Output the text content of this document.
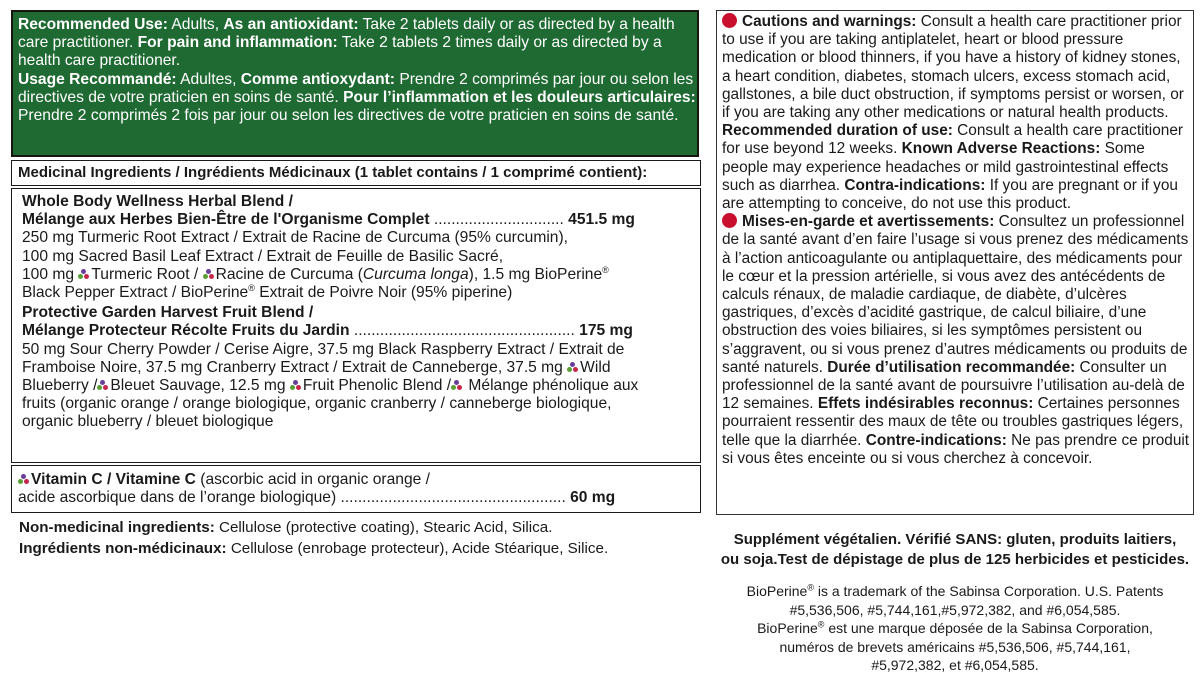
Recommended Use: Adults, As an antioxidant: Take 2 tablets daily or as directed by a health care practitioner. For pain and inflammation: Take 2 tablets 2 times daily or as directed by a health care practitioner.

Usage Recommandé: Adultes, Comme antioxydant: Prendre 2 comprimés par jour ou selon les directives de votre praticien en soins de santé. Pour l’inflammation et les douleurs articulaires: Prendre 2 comprimés 2 fois par jour ou selon les directives de votre praticien en soins de santé.

Medicinal Ingredients / Ingrédients Médicinaux (1 tablet contains / 1 comprimé contient):
Whole Body Wellness Herbal Blend /
Mélange aux Herbes Bien-Être de l'Organisme Complet .............................. 451.5 mg
250 mg Turmeric Root Extract / Extrait de Racine de Curcuma (95% curcumin),
100 mg Sacred Basil Leaf Extract / Extrait de Feuille de Basilic Sacré,
100 mg
Turmeric Root /
Racine de Curcuma (Curcuma longa), 1.5 mg BioPerine®
Black Pepper Extract / BioPerine® Extrait de Poivre Noir (95% piperine)
Protective Garden Harvest Fruit Blend /
Mélange Protecteur Récolte Fruits du Jardin ................................................... 175 mg
50 mg Sour Cherry Powder / Cerise Aigre, 37.5 mg Black Raspberry Extract / Extrait de
Framboise Noire, 37.5 mg Cranberry Extract / Extrait de Canneberge, 37.5 mg
Wild
Blueberry / Bleuet Sauvage, 12.5 mg
Fruit Phenolic Blend /
Mélange phénolique aux
fruits (organic orange / orange biologique, organic cranberry / canneberge biologique,
organic blueberry / bleuet biologique
Vitamin C / Vitamine C (ascorbic acid in organic orange /
acide ascorbique dans de l’orange biologique) .................................................... 60 mg

Non-medicinal ingredients: Cellulose (protective coating), Stearic Acid, Silica.

Ingrédients non-médicinaux: Cellulose (enrobage protecteur), Acide Stéarique, Silice.

Cautions and warnings: Consult a health care practitioner prior to use if you are taking antiplatelet, heart or blood pressure medication or blood thinners, if you have a history of kidney stones, a heart condition, diabetes, stomach ulcers, excess stomach acid, gallstones, a bile duct obstruction, if symptoms persist or worsen, or if you are taking any other medications or natural health products. Recommended duration of use: Consult a health care practitioner for use beyond 12 weeks. Known Adverse Reactions: Some people may experience headaches or mild gastrointestinal effects such as diarrhea. Contra-indications: If you are pregnant or if you are attempting to conceive, do not use this product.

Mises-en-garde et avertissements: Consultez un professionnel de la santé avant d’en faire l’usage si vous prenez des médicaments à l’action anticoagulante ou antiplaquettaire, des médicaments pour le cœur et la pression artérielle, si vous avez des antécédents de calculs rénaux, de maladie cardiaque, de diabète, d’ulcères gastriques, d’excès d’acidité gastrique, de calcul biliaire, d’une obstruction des voies biliaires, si les symptômes persistent ou s’aggravent, ou si vous prenez d’autres médicaments ou produits de santé naturels. Durée d’utilisation recommandée: Consulter un professionnel de la santé avant de poursuivre l’utilisation au-delà de 12 semaines. Effets indésirables reconnus: Certaines personnes pourraient ressentir des maux de tête ou troubles gastriques légers, telle que la diarrhée. Contre-indications: Ne pas prendre ce produit si vous êtes enceinte ou si vous cherchez à concevoir.

Supplément végétalien. Vérifié SANS: gluten, produits laitiers,

ou soja.Test de dépistage de plus de 125 herbicides et pesticides.

BioPerine® is a trademark of the Sabinsa Corporation. U.S. Patents

#5,536,506, #5,744,161,#5,972,382, and #6,054,585.

BioPerine® est une marque déposée de la Sabinsa Corporation,

numéros de brevets américains #5,536,506, #5,744,161,

#5,972,382, et #6,054,585.
